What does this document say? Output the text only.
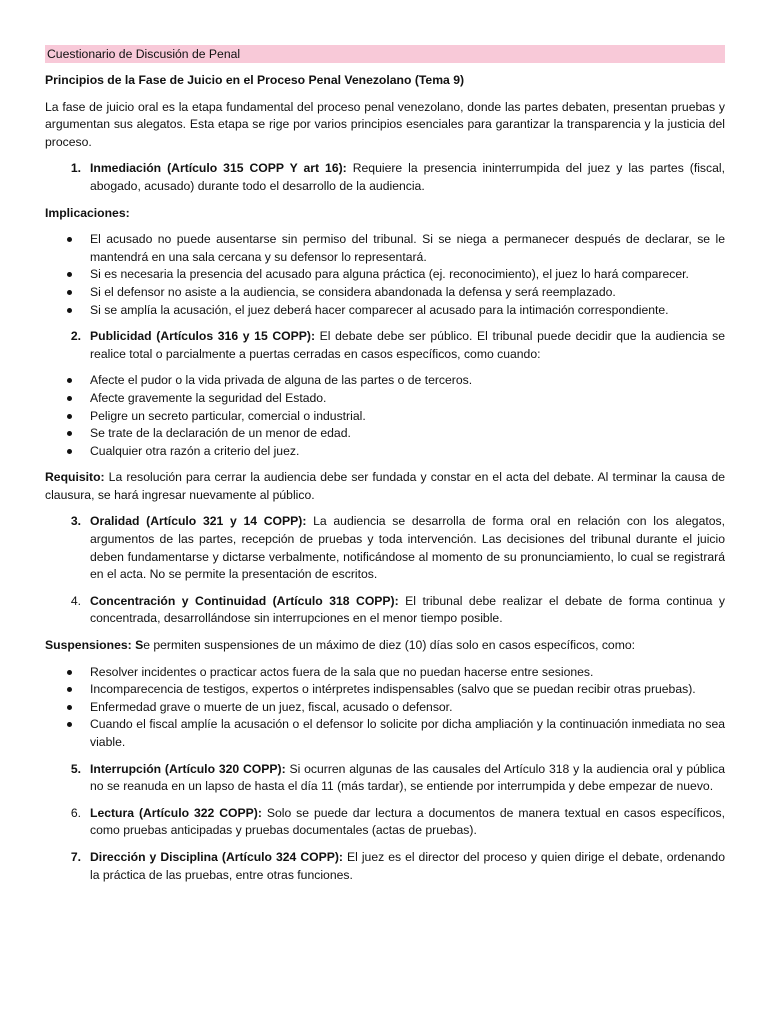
Cuestionario de Discusión de Penal
Principios de la Fase de Juicio en el Proceso Penal Venezolano (Tema 9)

La fase de juicio oral es la etapa fundamental del proceso penal venezolano, donde las partes debaten, presentan pruebas y argumentan sus alegatos. Esta etapa se rige por varios principios esenciales para garantizar la transparencia y la justicia del proceso.

1. Inmediación (Artículo 315 COPP Y art 16): Requiere la presencia ininterrumpida del juez y las partes (fiscal, abogado, acusado) durante todo el desarrollo de la audiencia.

Implicaciones:

El acusado no puede ausentarse sin permiso del tribunal. Si se niega a permanecer después de declarar, se le mantendrá en una sala cercana y su defensor lo representará.
Si es necesaria la presencia del acusado para alguna práctica (ej. reconocimiento), el juez lo hará comparecer.
Si el defensor no asiste a la audiencia, se considera abandonada la defensa y será reemplazado.
Si se amplía la acusación, el juez deberá hacer comparecer al acusado para la intimación correspondiente.
2. Publicidad (Artículos 316 y 15 COPP): El debate debe ser público. El tribunal puede decidir que la audiencia se realice total o parcialmente a puertas cerradas en casos específicos, como cuando:
Afecte el pudor o la vida privada de alguna de las partes o de terceros.
Afecte gravemente la seguridad del Estado.
Peligre un secreto particular, comercial o industrial.
Se trate de la declaración de un menor de edad.
Cualquier otra razón a criterio del juez.

Requisito: La resolución para cerrar la audiencia debe ser fundada y constar en el acta del debate. Al terminar la causa de clausura, se hará ingresar nuevamente al público.

3. Oralidad (Artículo 321 y 14 COPP): La audiencia se desarrolla de forma oral en relación con los alegatos, argumentos de las partes, recepción de pruebas y toda intervención. Las decisiones del tribunal durante el juicio deben fundamentarse y dictarse verbalmente, notificándose al momento de su pronunciamiento, lo cual se registrará en el acta. No se permite la presentación de escritos.
4. Concentración y Continuidad (Artículo 318 COPP): El tribunal debe realizar el debate de forma continua y concentrada, desarrollándose sin interrupciones en el menor tiempo posible.

Suspensiones: Se permiten suspensiones de un máximo de diez (10) días solo en casos específicos, como:

Resolver incidentes o practicar actos fuera de la sala que no puedan hacerse entre sesiones.
Incomparecencia de testigos, expertos o intérpretes indispensables (salvo que se puedan recibir otras pruebas).
Enfermedad grave o muerte de un juez, fiscal, acusado o defensor.
Cuando el fiscal amplíe la acusación o el defensor lo solicite por dicha ampliación y la continuación inmediata no sea viable.
5. Interrupción (Artículo 320 COPP): Si ocurren algunas de las causales del Artículo 318 y la audiencia oral y pública no se reanuda en un lapso de hasta el día 11 (más tardar), se entiende por interrumpida y debe empezar de nuevo.
6. Lectura (Artículo 322 COPP): Solo se puede dar lectura a documentos de manera textual en casos específicos, como pruebas anticipadas y pruebas documentales (actas de pruebas).
7. Dirección y Disciplina (Artículo 324 COPP): El juez es el director del proceso y quien dirige el debate, ordenando la práctica de las pruebas, entre otras funciones.
